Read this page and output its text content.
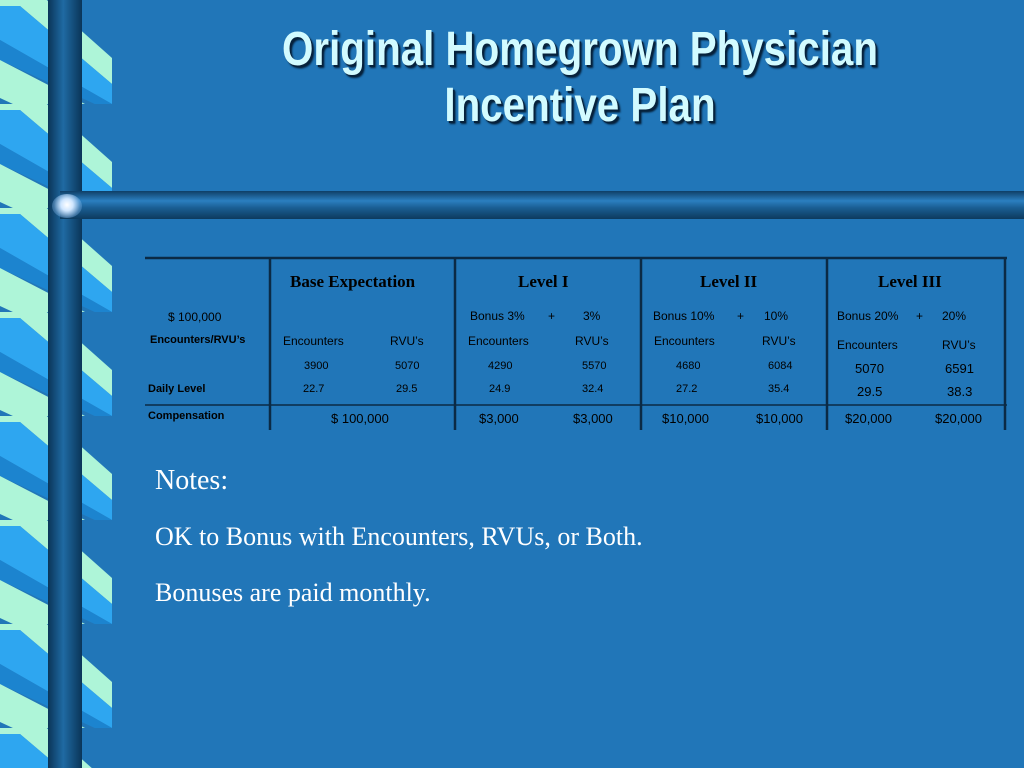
Original Homegrown Physician
Incentive Plan
Base Expectation	Level I	Level II	Level III
$ 100,000	Bonus 3% + 3%	Bonus 10% + 10%	Bonus 20% + 20%
Encounters/RVU’s	Encounters	RVU’s	Encounters	RVU’s	Encounters	RVU’s	Encounters	RVU’s
3900	5070	4290	5570	4680	6084	5070	6591
Daily Level	22.7	29.5	24.9	32.4	27.2	35.4	29.5	38.3
Compensation	$ 100,000	$3,000	$3,000	$10,000	$10,000	$20,000	$20,000
Notes:
OK to Bonus with Encounters, RVUs, or Both.
Bonuses are paid monthly.
